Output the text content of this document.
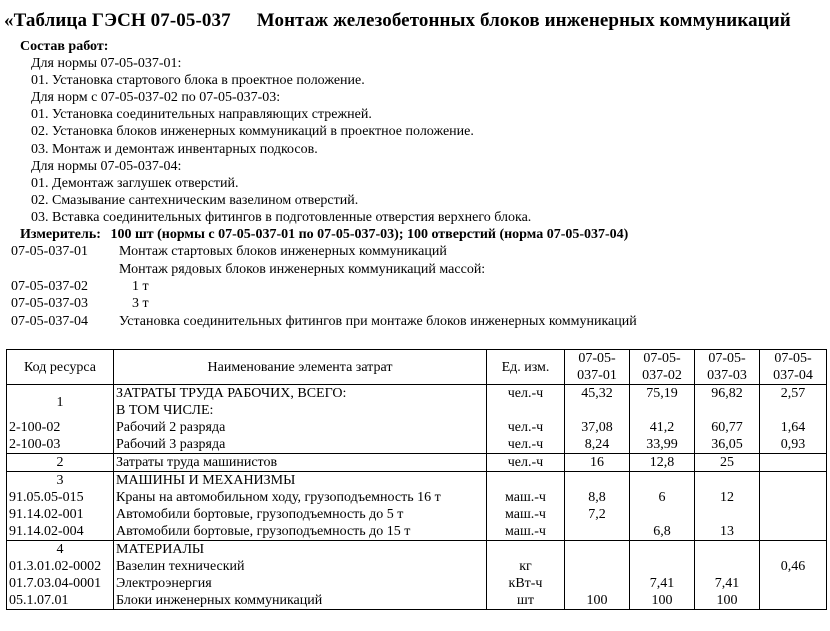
«Таблица ГЭСН 07-05-037 Монтаж железобетонных блоков инженерных коммуникаций
Состав работ:
Для нормы 07-05-037-01:
01. Установка стартового блока в проектное положение.
Для норм с 07-05-037-02 по 07-05-037-03:
01. Установка соединительных направляющих стрежней.
02. Установка блоков инженерных коммуникаций в проектное положение.
03. Монтаж и демонтаж инвентарных подкосов.
Для нормы 07-05-037-04:
01. Демонтаж заглушек отверстий.
02. Смазывание сантехническим вазелином отверстий.
03. Вставка соединительных фитингов в подготовленные отверстия верхнего блока.
Измеритель: 100 шт (нормы с 07-05-037-01 по 07-05-037-03); 100 отверстий (норма 07-05-037-04)
07-05-037-01 Монтаж стартовых блоков инженерных коммуникаций
Монтаж рядовых блоков инженерных коммуникаций массой:
07-05-037-02	1 т
07-05-037-03	3 т
07-05-037-04 Установка соединительных фитингов при монтаже блоков инженерных коммуникаций
Код ресурса	Наименование элемента затрат	Ед. изм.	07-05-
037-01	07-05-
037-02	07-05-
037-03	07-05-
037-04
1	ЗАТРАТЫ ТРУДА РАБОЧИХ, ВСЕГО:	чел.-ч	45,32	75,19	96,82	2,57
	В ТОМ ЧИСЛЕ:					
2-100-02	Рабочий 2 разряда	чел.-ч	37,08	41,2	60,77	1,64
2-100-03	Рабочий 3 разряда	чел.-ч	8,24	33,99	36,05	0,93
2	Затраты труда машинистов	чел.-ч	16	12,8	25	
3	МАШИНЫ И МЕХАНИЗМЫ					
91.05.05-015	Краны на автомобильном ходу, грузоподъемность 16 т	маш.-ч	8,8	6	12	
91.14.02-001	Автомобили бортовые, грузоподъемность до 5 т	маш.-ч	7,2			
91.14.02-004	Автомобили бортовые, грузоподъемность до 15 т	маш.-ч		6,8	13	
4	МАТЕРИАЛЫ					
01.3.01.02-0002	Вазелин технический	кг				0,46
01.7.03.04-0001	Электроэнергия	кВт-ч		7,41	7,41	
05.1.07.01	Блоки инженерных коммуникаций	шт	100	100	100	
